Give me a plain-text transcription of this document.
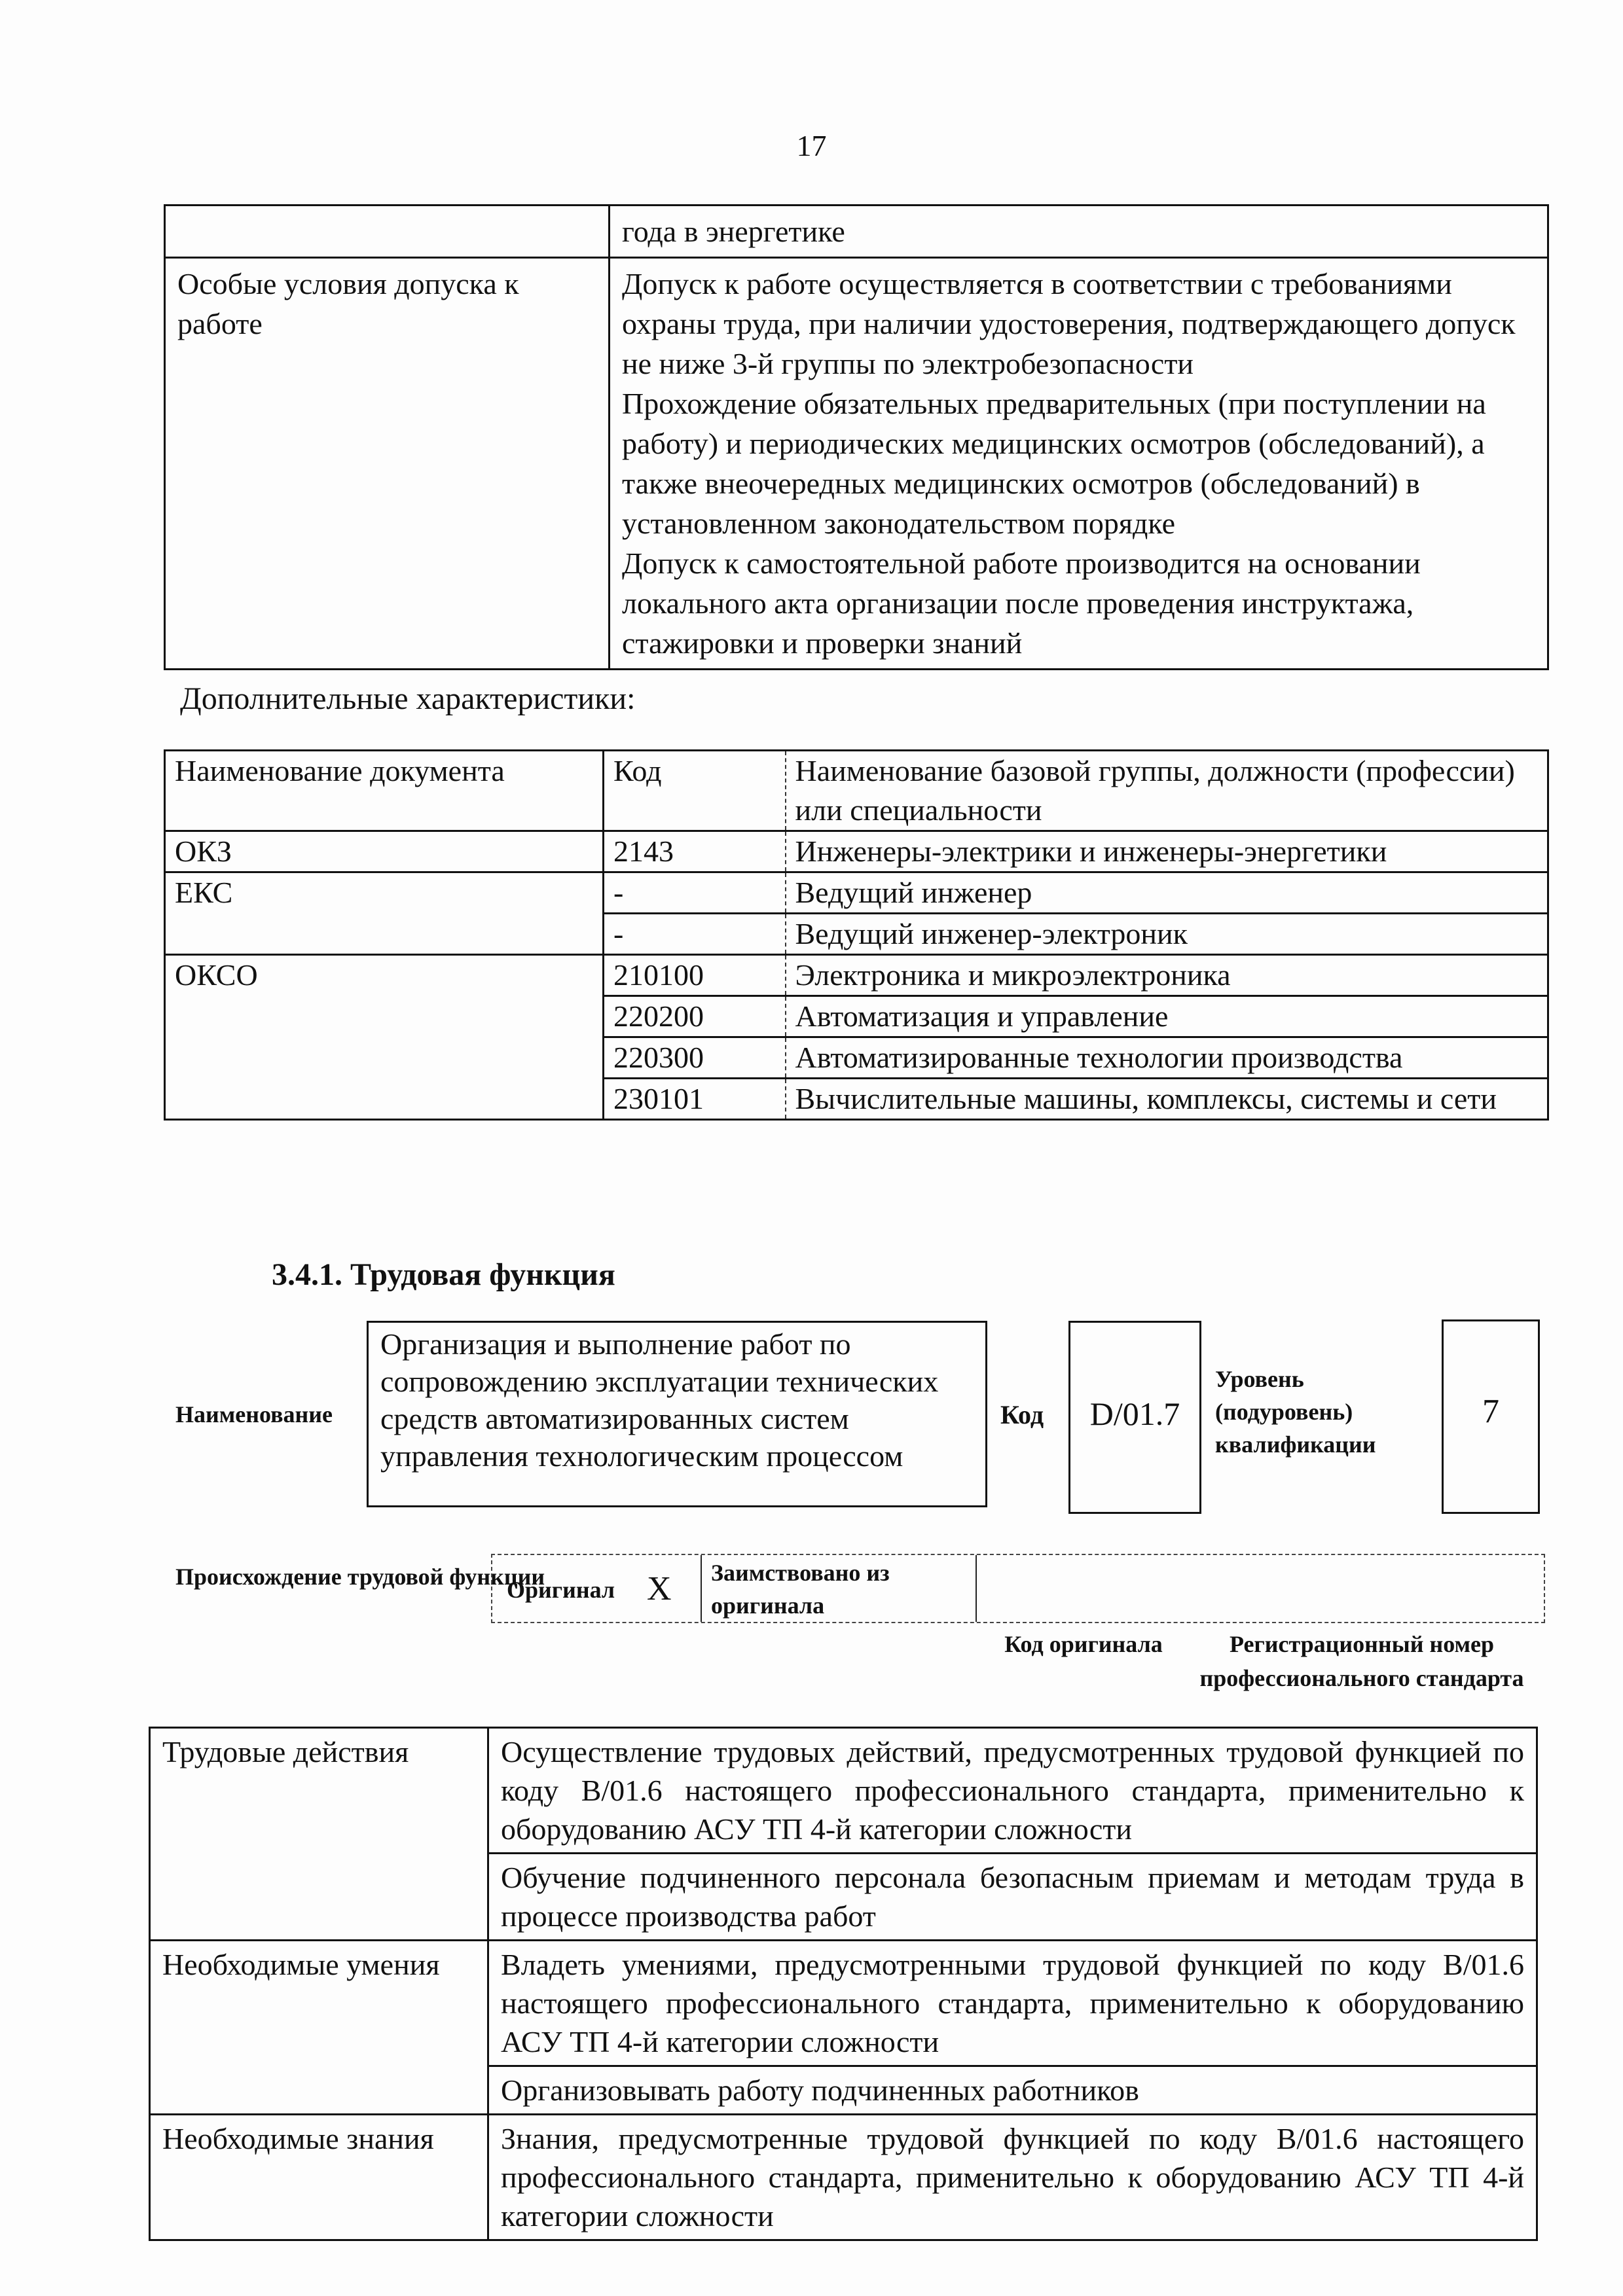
17
	года в энергетике
Особые условия допуска к работе	Допуск к работе осуществляется в соответствии с требованиями охраны труда, при наличии удостоверения, подтверждающего допуск не ниже 3-й группы по электробезопасности
Прохождение обязательных предварительных (при поступлении на работу) и периодических медицинских осмотров (обследований), а также внеочередных медицинских осмотров (обследований) в установленном законодательством порядке
Допуск к самостоятельной работе производится на основании локального акта организации после проведения инструктажа, стажировки и проверки знаний
Дополнительные характеристики:
Наименование документа	Код	Наименование базовой группы, должности (профессии) или специальности
ОКЗ	2143	Инженеры-электрики и инженеры-энергетики
ЕКС	-	Ведущий инженер
	-	Ведущий инженер-электроник
ОКСО	210100	Электроника и микроэлектроника
	220200	Автоматизация и управление
	220300	Автоматизированные технологии производства
	230101	Вычислительные машины, комплексы, системы и сети
3.4.1. Трудовая функция
Наименование
Организация и выполнение работ по сопровождению эксплуатации технических средств автоматизированных систем управления технологическим процессом
Код	D/01.7
Уровень (подуровень) квалификации
7
Происхождение трудовой функции
Оригинал X	Заимствовано из оригинала
Код оригинала	Регистрационный номер профессионального стандарта
Трудовые действия	Осуществление трудовых действий, предусмотренных трудовой функцией по коду В/01.6 настоящего профессионального стандарта, применительно к оборудованию АСУ ТП 4-й категории сложности
	Обучение подчиненного персонала безопасным приемам и методам труда в процессе производства работ
Необходимые умения	Владеть умениями, предусмотренными трудовой функцией по коду В/01.6 настоящего профессионального стандарта, применительно к оборудованию АСУ ТП 4-й категории сложности
	Организовывать работу подчиненных работников
Необходимые знания	Знания, предусмотренные трудовой функцией по коду В/01.6 настоящего профессионального стандарта, применительно к оборудованию АСУ ТП 4-й категории сложности
